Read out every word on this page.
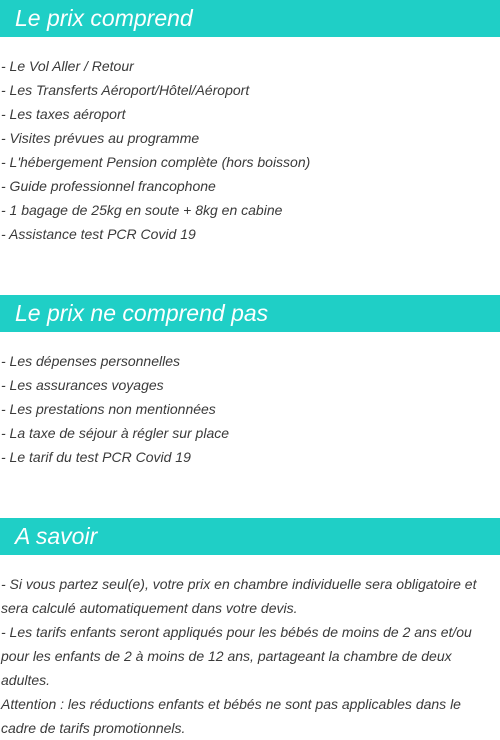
Le prix comprend
- Le Vol Aller / Retour
- Les Transferts Aéroport/Hôtel/Aéroport
- Les taxes aéroport
- Visites prévues au programme
- L'hébergement Pension complète (hors boisson)
- Guide professionnel francophone
- 1 bagage de 25kg en soute + 8kg en cabine
- Assistance test PCR Covid 19
Le prix ne comprend pas
- Les dépenses personnelles
- Les assurances voyages
- Les prestations non mentionnées
- La taxe de séjour à régler sur place
- Le tarif du test PCR Covid 19
A savoir
- Si vous partez seul(e), votre prix en chambre individuelle sera obligatoire et sera calculé automatiquement dans votre devis.
- Les tarifs enfants seront appliqués pour les bébés de moins de 2 ans et/ou pour les enfants de 2 à moins de 12 ans, partageant la chambre de deux adultes.
Attention : les réductions enfants et bébés ne sont pas applicables dans le cadre de tarifs promotionnels.
